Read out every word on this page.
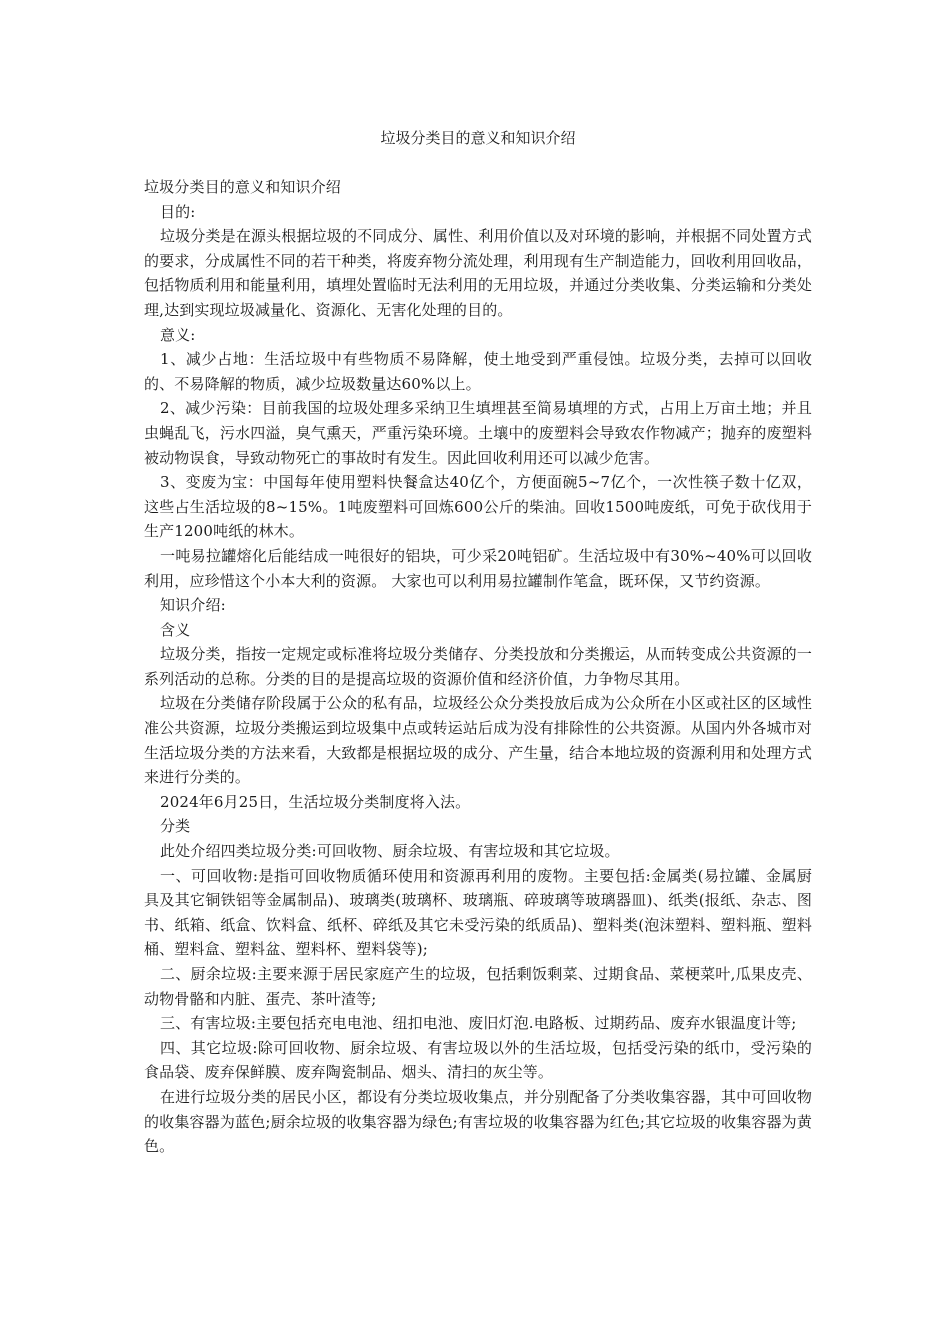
垃圾分类目的意义和知识介绍

垃圾分类目的意义和知识介绍

目的:

垃圾分类是在源头根据垃圾的不同成分、属性、利用价值以及对环境的影响，并根据不同处置方式的要求，分成属性不同的若干种类，将废弃物分流处理，利用现有生产制造能力，回收利用回收品，包括物质利用和能量利用，填埋处置临时无法利用的无用垃圾，并通过分类收集、分类运输和分类处理,达到实现垃圾减量化、资源化、无害化处理的目的。

意义:

1、减少占地：生活垃圾中有些物质不易降解，使土地受到严重侵蚀。垃圾分类，去掉可以回收的、不易降解的物质，减少垃圾数量达60%以上。

2、减少污染：目前我国的垃圾处理多采纳卫生填埋甚至简易填埋的方式，占用上万亩土地；并且虫蝇乱飞，污水四溢，臭气熏天，严重污染环境。土壤中的废塑料会导致农作物减产；抛弃的废塑料被动物误食，导致动物死亡的事故时有发生。因此回收利用还可以减少危害。

3、变废为宝：中国每年使用塑料快餐盒达40亿个，方便面碗5~7亿个，一次性筷子数十亿双，这些占生活垃圾的8~15%。1吨废塑料可回炼600公斤的柴油。回收1500吨废纸，可免于砍伐用于生产1200吨纸的林木。

一吨易拉罐熔化后能结成一吨很好的铝块，可少采20吨铝矿。生活垃圾中有30%~40%可以回收利用，应珍惜这个小本大利的资源。 大家也可以利用易拉罐制作笔盒，既环保，又节约资源。

知识介绍:

含义

垃圾分类，指按一定规定或标准将垃圾分类储存、分类投放和分类搬运，从而转变成公共资源的一系列活动的总称。分类的目的是提高垃圾的资源价值和经济价值，力争物尽其用。

垃圾在分类储存阶段属于公众的私有品，垃圾经公众分类投放后成为公众所在小区或社区的区域性准公共资源，垃圾分类搬运到垃圾集中点或转运站后成为没有排除性的公共资源。从国内外各城市对生活垃圾分类的方法来看，大致都是根据垃圾的成分、产生量，结合本地垃圾的资源利用和处理方式来进行分类的。

2024年6月25日，生活垃圾分类制度将入法。

分类

此处介绍四类垃圾分类:可回收物、厨余垃圾、有害垃圾和其它垃圾。

一、可回收物:是指可回收物质循环使用和资源再利用的废物。主要包括:金属类(易拉罐、金属厨具及其它铜铁铝等金属制品)、玻璃类(玻璃杯、玻璃瓶、碎玻璃等玻璃器皿)、纸类(报纸、杂志、图书、纸箱、纸盒、饮料盒、纸杯、碎纸及其它未受污染的纸质品)、塑料类(泡沫塑料、塑料瓶、塑料桶、塑料盒、塑料盆、塑料杯、塑料袋等);

二、厨余垃圾:主要来源于居民家庭产生的垃圾，包括剩饭剩菜、过期食品、菜梗菜叶,瓜果皮壳、动物骨骼和内脏、蛋壳、茶叶渣等;

三、有害垃圾:主要包括充电电池、纽扣电池、废旧灯泡.电路板、过期药品、废弃水银温度计等;

四、其它垃圾:除可回收物、厨余垃圾、有害垃圾以外的生活垃圾，包括受污染的纸巾，受污染的食品袋、废弃保鲜膜、废弃陶瓷制品、烟头、清扫的灰尘等。

在进行垃圾分类的居民小区，都设有分类垃圾收集点，并分别配备了分类收集容器，其中可回收物的收集容器为蓝色;厨余垃圾的收集容器为绿色;有害垃圾的收集容器为红色;其它垃圾的收集容器为黄色。
